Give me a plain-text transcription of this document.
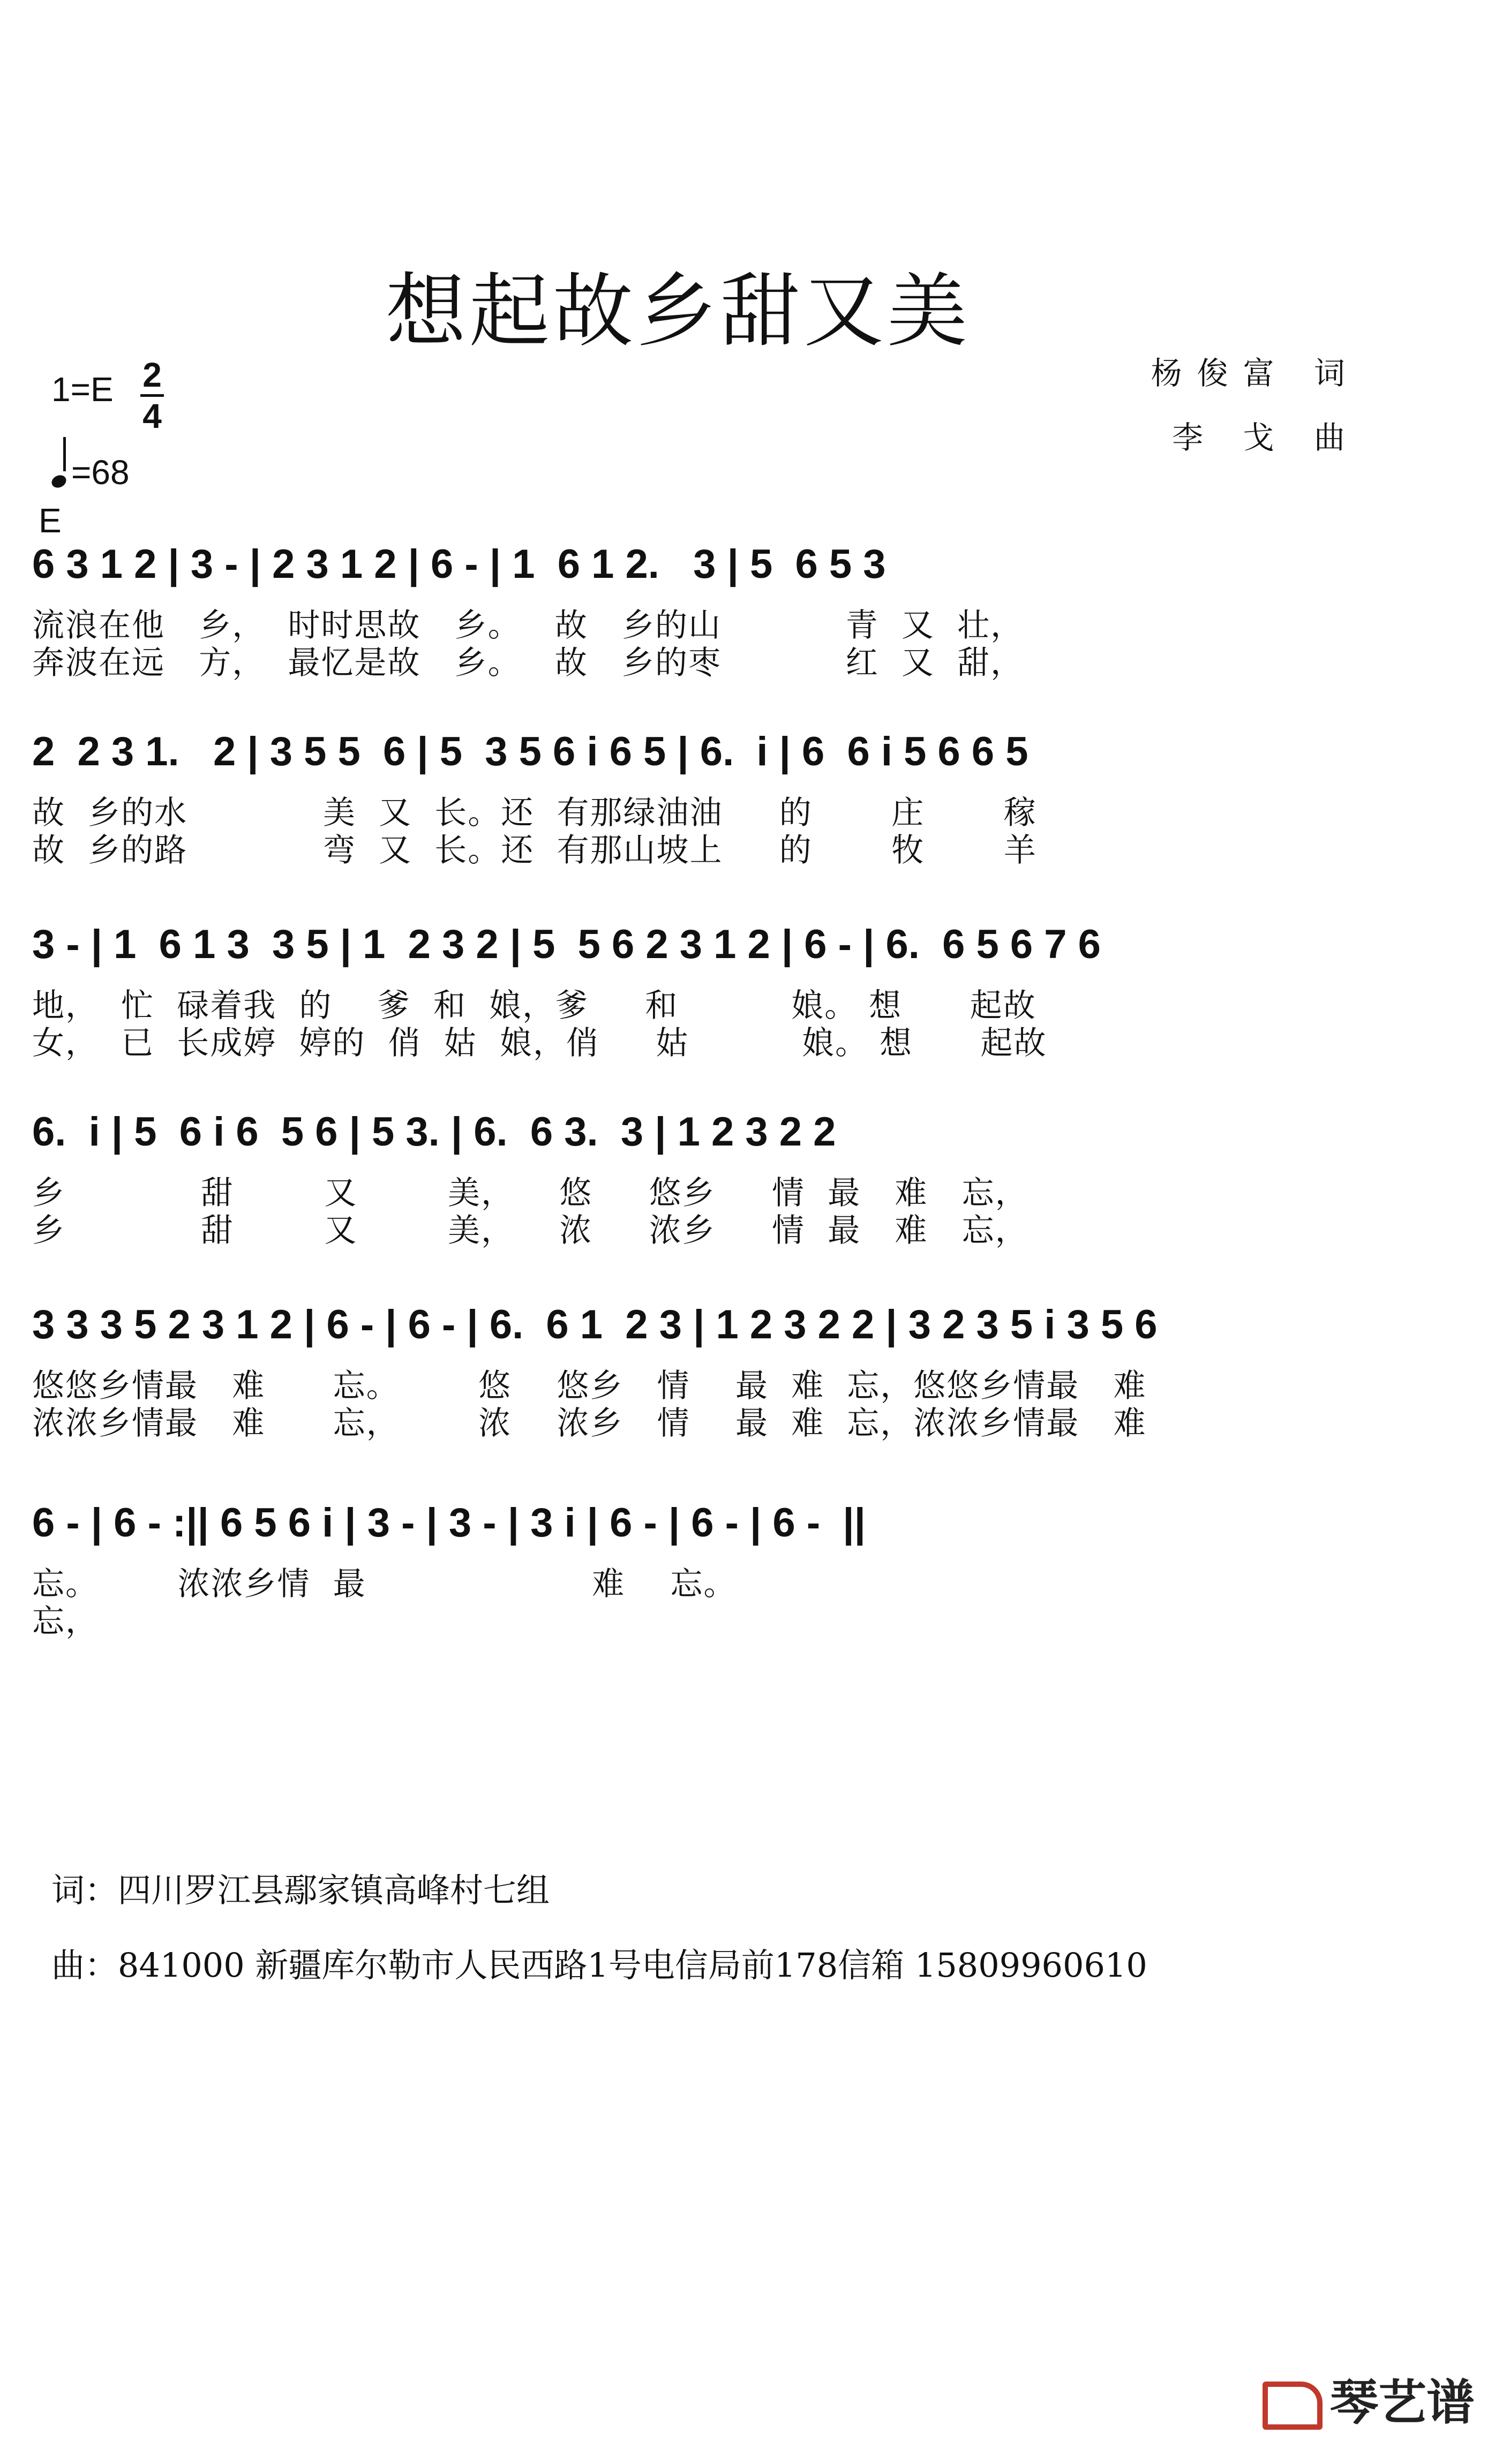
想起故乡甜又美
杨俊富 词
李 戈 曲
1=E 2
4
=68
E
6 3 1 2 | 3 - | 2 3 1 2 | 6 - | 1  6 1 2.   3 | 5  6 5 3
流浪在他   乡，  时时思故   乡。   故   乡的山           青  又  壮，
奔波在远   方，  最忆是故   乡。   故   乡的枣           红  又  甜，
2  2 3 1.   2 | 3 5 5  6 | 5  3 5 6 i 6 5 | 6.  i | 6  6 i 5 6 6 5
故  乡的水            美  又  长。还  有那绿油油     的       庄       稼
故  乡的路            弯  又  长。还  有那山坡上     的       牧       羊
3 - | 1  6 1 3  3 5 | 1  2 3 2 | 5  5 6 2 3 1 2 | 6 - | 6.  6 5 6 7 6
地，  忙  碌着我  的    爹  和  娘，爹     和          娘。 想      起故
女，  已  长成婷  婷的  俏  姑  娘，俏     姑          娘。 想      起故
6.  i | 5  6 i 6  5 6 | 5 3. | 6.  6 3.  3 | 1 2 3 2 2
乡            甜        又        美，    悠     悠乡     情  最   难   忘，
乡            甜        又        美，    浓     浓乡     情  最   难   忘，
3 3 3 5 2 3 1 2 | 6 - | 6 - | 6.  6 1  2 3 | 1 2 3 2 2 | 3 2 3 5 i 3 5 6
悠悠乡情最   难      忘。       悠    悠乡   情    最  难  忘，悠悠乡情最   难
浓浓乡情最   难      忘，       浓    浓乡   情    最  难  忘，浓浓乡情最   难
6 - | 6 - :|| 6 5 6 i | 3 - | 3 - | 3 i | 6 - | 6 - | 6 -  ||
忘。       浓浓乡情  最                    难    忘。
忘，
词：四川罗江县鄢家镇高峰村七组
曲：841000 新疆库尔勒市人民西路1号电信局前178信箱 15809960610
琴艺谱
